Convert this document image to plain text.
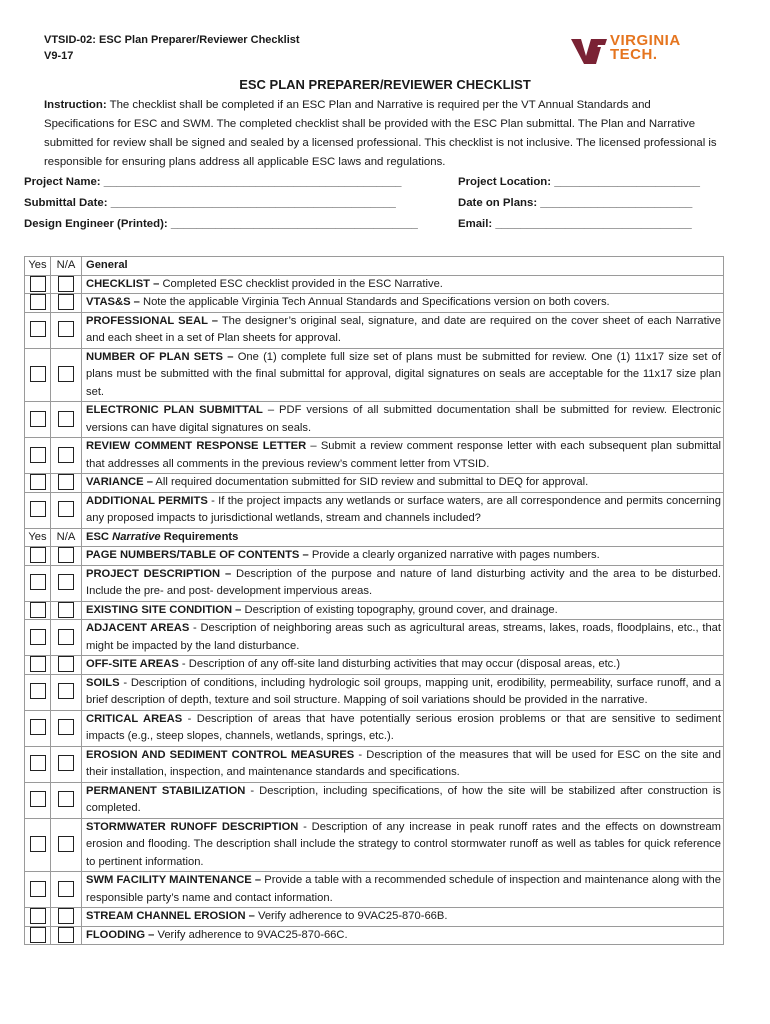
VTSID-02: ESC Plan Preparer/Reviewer Checklist
V9-17
VIRGINIA
TECH.
ESC PLAN PREPARER/REVIEWER CHECKLIST
Instruction: The checklist shall be completed if an ESC Plan and Narrative is required per the VT Annual Standards and Specifications for ESC and SWM. The completed checklist shall be provided with the ESC Plan submittal. The Plan and Narrative submitted for review shall be signed and sealed by a licensed professional. This checklist is not inclusive. The licensed professional is responsible for ensuring plans address all applicable ESC laws and regulations.
Project Name: _______________________________________________	Project Location: _______________________
Submittal Date: _____________________________________________	Date on Plans: ________________________
Design Engineer (Printed): _______________________________________	Email: _______________________________
Yes	N/A	General
		CHECKLIST – Completed ESC checklist provided in the ESC Narrative.
		VTAS&S – Note the applicable Virginia Tech Annual Standards and Specifications version on both covers.
		PROFESSIONAL SEAL – The designer’s original seal, signature, and date are required on the cover sheet of each Narrative and each sheet in a set of Plan sheets for approval.
		NUMBER OF PLAN SETS – One (1) complete full size set of plans must be submitted for review. One (1) 11x17 size set of plans must be submitted with the final submittal for approval, digital signatures on seals are acceptable for the 11x17 size plan set.
		ELECTRONIC PLAN SUBMITTAL – PDF versions of all submitted documentation shall be submitted for review. Electronic versions can have digital signatures on seals.
		REVIEW COMMENT RESPONSE LETTER – Submit a review comment response letter with each subsequent plan submittal that addresses all comments in the previous review’s comment letter from VTSID.
		VARIANCE – All required documentation submitted for SID review and submittal to DEQ for approval.
		ADDITIONAL PERMITS - If the project impacts any wetlands or surface waters, are all correspondence and permits concerning any proposed impacts to jurisdictional wetlands, stream and channels included?
Yes	N/A	ESC Narrative Requirements
		PAGE NUMBERS/TABLE OF CONTENTS – Provide a clearly organized narrative with pages numbers.
		PROJECT DESCRIPTION – Description of the purpose and nature of land disturbing activity and the area to be disturbed. Include the pre- and post- development impervious areas.
		EXISTING SITE CONDITION – Description of existing topography, ground cover, and drainage.
		ADJACENT AREAS - Description of neighboring areas such as agricultural areas, streams, lakes, roads, floodplains, etc., that might be impacted by the land disturbance.
		OFF-SITE AREAS - Description of any off-site land disturbing activities that may occur (disposal areas, etc.)
		SOILS - Description of conditions, including hydrologic soil groups, mapping unit, erodibility, permeability, surface runoff, and a brief description of depth, texture and soil structure. Mapping of soil variations should be provided in the narrative.
		CRITICAL AREAS - Description of areas that have potentially serious erosion problems or that are sensitive to sediment impacts (e.g., steep slopes, channels, wetlands, springs, etc.).
		EROSION AND SEDIMENT CONTROL MEASURES - Description of the measures that will be used for ESC on the site and their installation, inspection, and maintenance standards and specifications.
		PERMANENT STABILIZATION - Description, including specifications, of how the site will be stabilized after construction is completed.
		STORMWATER RUNOFF DESCRIPTION - Description of any increase in peak runoff rates and the effects on downstream erosion and flooding. The description shall include the strategy to control stormwater runoff as well as tables for quick reference to pertinent information.
		SWM FACILITY MAINTENANCE – Provide a table with a recommended schedule of inspection and maintenance along with the responsible party’s name and contact information.
		STREAM CHANNEL EROSION – Verify adherence to 9VAC25-870-66B.
		FLOODING – Verify adherence to 9VAC25-870-66C.
